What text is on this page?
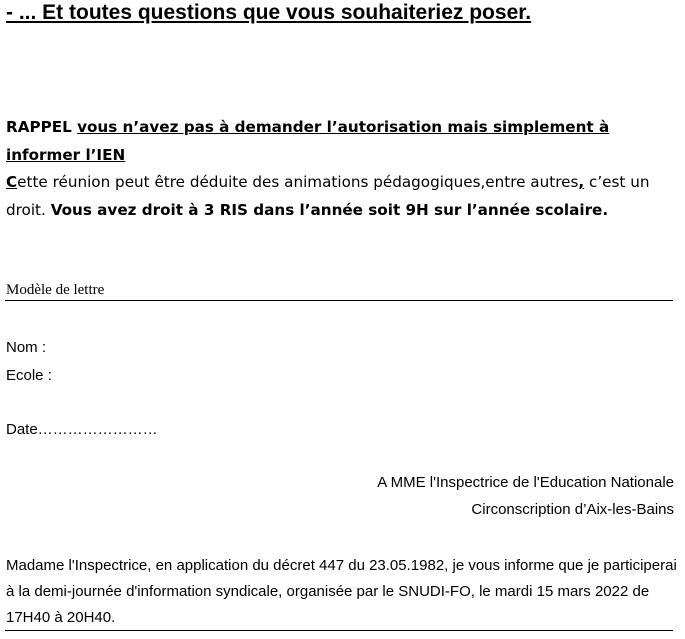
- ... Et toutes questions que vous souhaiteriez poser.
RAPPEL vous n’avez pas à demander l’autorisation mais simplement à informer l’IEN
Cette réunion peut être déduite des animations pédagogiques,entre autres, c’est un droit. Vous avez droit à 3 RIS dans l’année soit 9H sur l’année scolaire.
Modèle de lettre
Nom :
Ecole :
Date……………………
A MME l'Inspectrice de l'Education Nationale
Circonscription d’Aix-les-Bains
Madame l'Inspectrice, en application du décret 447 du 23.05.1982, je vous informe que je participerai à la demi-journée d'information syndicale, organisée par le SNUDI-FO, le mardi 15 mars 2022 de 17H40 à 20H40.
